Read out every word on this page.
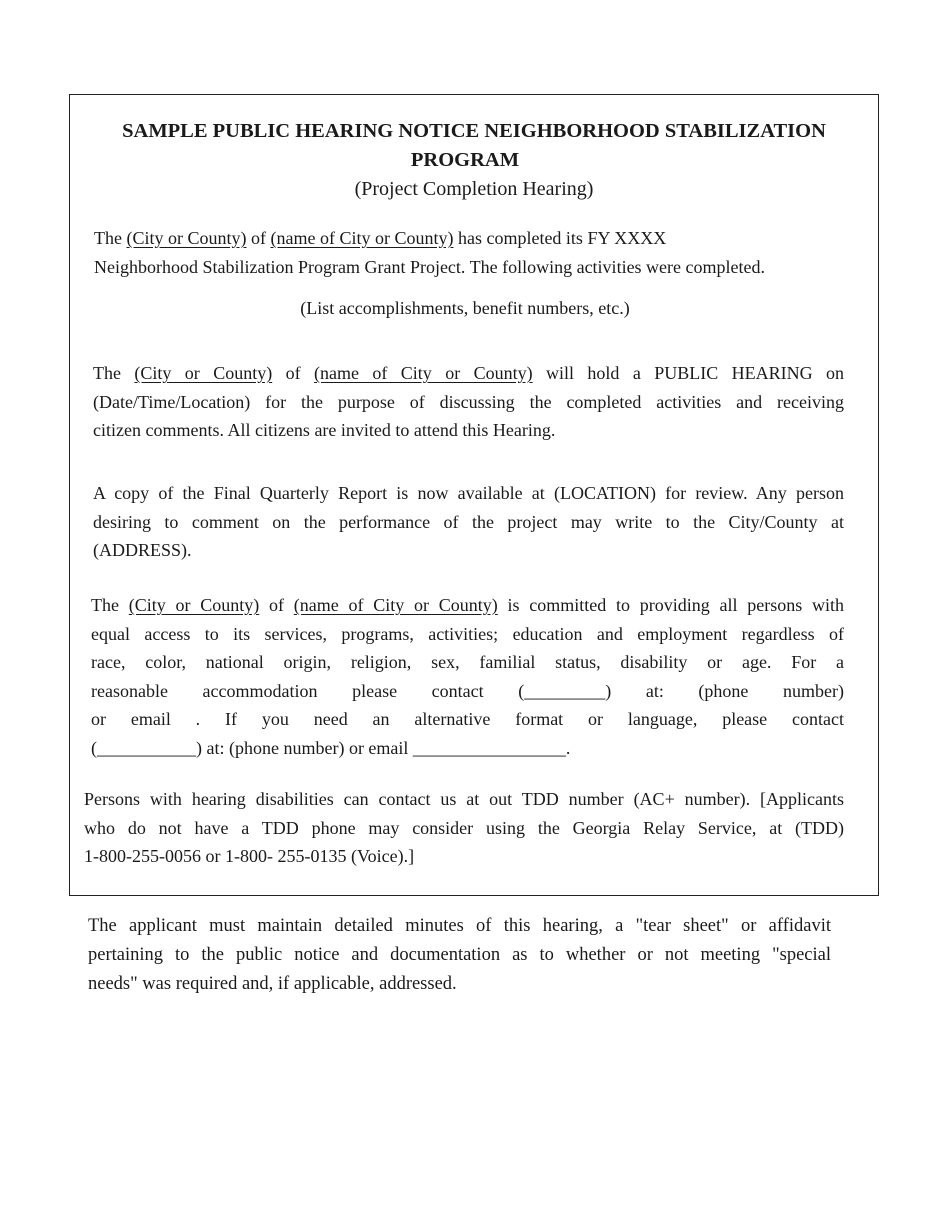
SAMPLE PUBLIC HEARING NOTICE NEIGHBORHOOD STABILIZATION

PROGRAM

(Project Completion Hearing)

The (City or County) of (name of City or County) has completed its FY XXXX
Neighborhood Stabilization Program Grant Project. The following activities were completed.

(List accomplishments, benefit numbers, etc.)

The (City or County) of (name of City or County) will hold a PUBLIC HEARING on
(Date/Time/Location) for the purpose of discussing the completed activities and receiving
citizen comments. All citizens are invited to attend this Hearing.
A copy of the Final Quarterly Report is now available at (LOCATION) for review. Any person
desiring to comment on the performance of the project may write to the City/County at
(ADDRESS).
The (City or County) of (name of City or County) is committed to providing all persons with
equal access to its services, programs, activities; education and employment regardless of
race, color, national origin, religion, sex, familial status, disability or age. For a
reasonable accommodation please contact (_________) at: (phone number)
or email . If you need an alternative format or language, please contact
(___________) at: (phone number) or email _________________.
Persons with hearing disabilities can contact us at out TDD number (AC+ number). [Applicants
who do not have a TDD phone may consider using the Georgia Relay Service, at (TDD)
1-800-255-0056 or 1-800- 255-0135 (Voice).]
The applicant must maintain detailed minutes of this hearing, a "tear sheet" or affidavit
pertaining to the public notice and documentation as to whether or not meeting "special
needs" was required and, if applicable, addressed.
